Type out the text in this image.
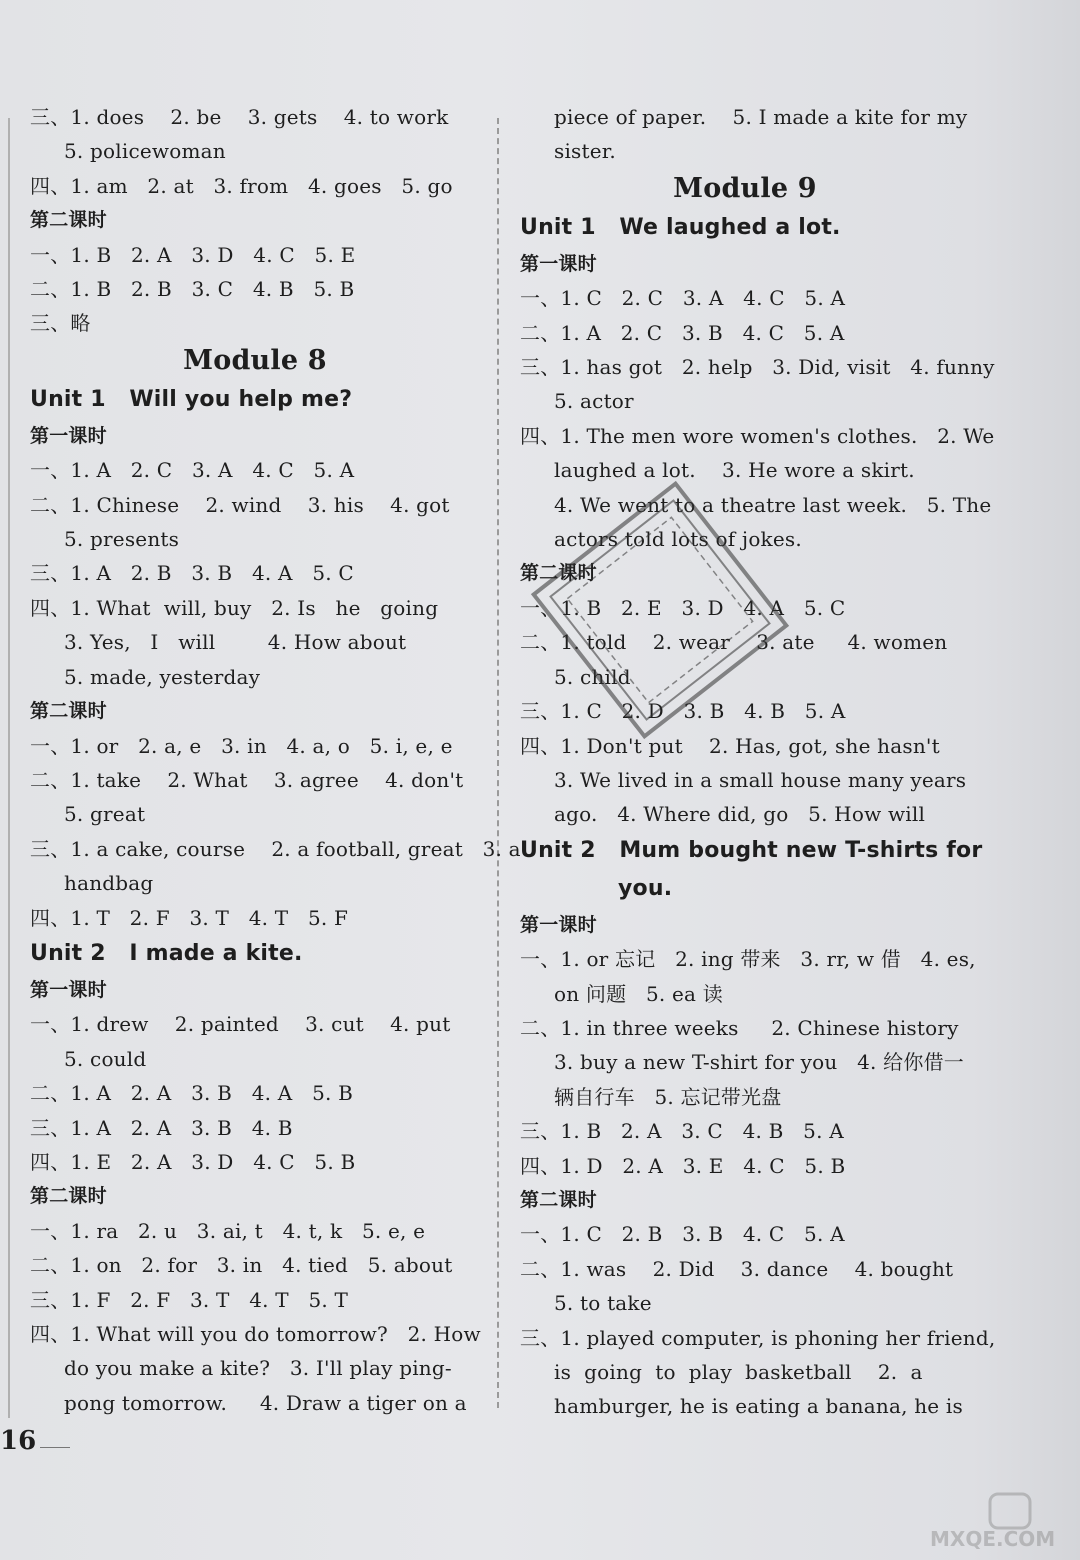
三、1. does    2. be    3. gets    4. to work
5. policewoman
四、1. am   2. at   3. from   4. goes   5. go
第二课时
一、1. B   2. A   3. D   4. C   5. E
二、1. B   2. B   3. C   4. B   5. B
三、略
Module 8
Unit 1   Will you help me?
第一课时
一、1. A   2. C   3. A   4. C   5. A
二、1. Chinese    2. wind    3. his    4. got
5. presents
三、1. A   2. B   3. B   4. A   5. C
四、1. What  will, buy   2. Is   he   going
3. Yes,   I   will        4. How about
5. made, yesterday
第二课时
一、1. or   2. a, e   3. in   4. a, o   5. i, e, e
二、1. take    2. What    3. agree    4. don't
5. great
三、1. a cake, course    2. a football, great   3. a
handbag
四、1. T   2. F   3. T   4. T   5. F
Unit 2   I made a kite.
第一课时
一、1. drew    2. painted    3. cut    4. put
5. could
二、1. A   2. A   3. B   4. A   5. B
三、1. A   2. A   3. B   4. B
四、1. E   2. A   3. D   4. C   5. B
第二课时
一、1. ra   2. u   3. ai, t   4. t, k   5. e, e
二、1. on   2. for   3. in   4. tied   5. about
三、1. F   2. F   3. T   4. T   5. T
四、1. What will you do tomorrow?   2. How
do you make a kite?   3. I'll play ping-
pong tomorrow.     4. Draw a tiger on a
piece of paper.    5. I made a kite for my
sister.
Module 9
Unit 1   We laughed a lot.
第一课时
一、1. C   2. C   3. A   4. C   5. A
二、1. A   2. C   3. B   4. C   5. A
三、1. has got   2. help   3. Did, visit   4. funny
5. actor
四、1. The men wore women's clothes.   2. We
laughed a lot.    3. He wore a skirt.
4. We went to a theatre last week.   5. The
actors told lots of jokes.
第二课时
一、1. B   2. E   3. D   4. A   5. C
二、1. told    2. wear    3. ate     4. women
5. child
三、1. C   2. D   3. B   4. B   5. A
四、1. Don't put    2. Has, got, she hasn't
3. We lived in a small house many years
ago.   4. Where did, go   5. How will
Unit 2   Mum bought new T-shirts for
you.
第一课时
一、1. or 忘记   2. ing 带来   3. rr, w 借   4. es,
on 问题   5. ea 读
二、1. in three weeks     2. Chinese history
3. buy a new T-shirt for you   4. 给你借一
辆自行车   5. 忘记带光盘
三、1. B   2. A   3. C   4. B   5. A
四、1. D   2. A   3. E   4. C   5. B
第二课时
一、1. C   2. B   3. B   4. C   5. A
二、1. was    2. Did    3. dance    4. bought
5. to take
三、1. played computer, is phoning her friend,
is  going  to  play  basketball    2.  a
hamburger, he is eating a banana, he is
16
MXQE.COM
